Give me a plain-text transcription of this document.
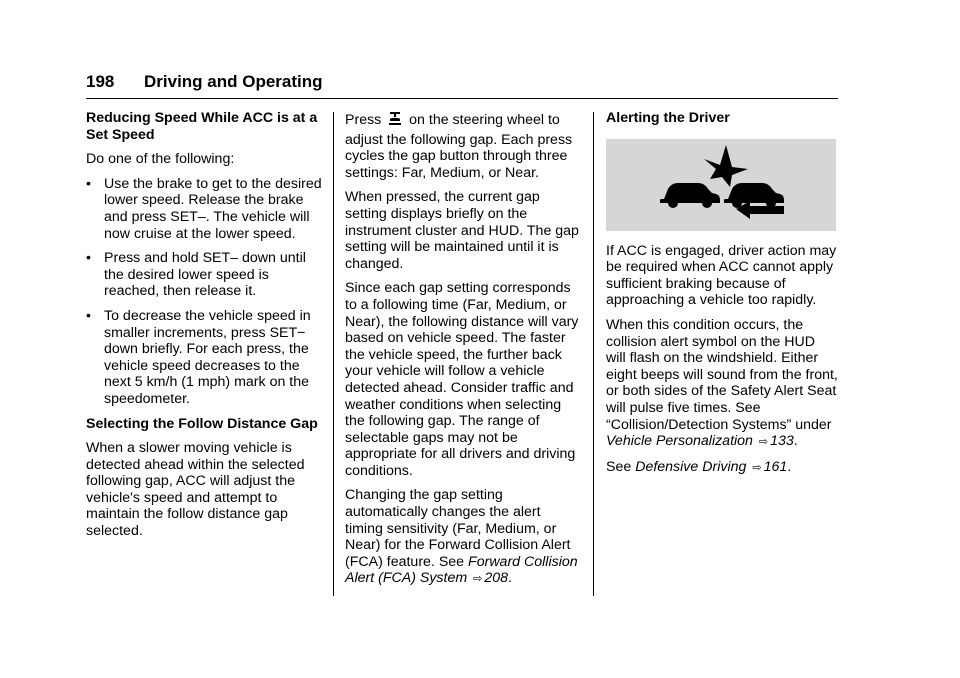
198 Driving and Operating

Reducing Speed While ACC is at a Set Speed

Do one of the following:

• Use the brake to get to the desired lower speed. Release the brake and press SET–. The vehicle will now cruise at the lower speed.
• Press and hold SET– down until the desired lower speed is reached, then release it.
• To decrease the vehicle speed in smaller increments, press SET− down briefly. For each press, the vehicle speed decreases to the next 5 km/h (1 mph) mark on the speedometer.

Selecting the Follow Distance Gap

When a slower moving vehicle is detected ahead within the selected following gap, ACC will adjust the vehicle's speed and attempt to maintain the follow distance gap selected.

Press on the steering wheel to adjust the following gap. Each press cycles the gap button through three settings: Far, Medium, or Near.

When pressed, the current gap setting displays briefly on the instrument cluster and HUD. The gap setting will be maintained until it is changed.

Since each gap setting corresponds to a following time (Far, Medium, or Near), the following distance will vary based on vehicle speed. The faster the vehicle speed, the further back your vehicle will follow a vehicle detected ahead. Consider traffic and weather conditions when selecting the following gap. The range of selectable gaps may not be appropriate for all drivers and driving conditions.

Changing the gap setting automatically changes the alert timing sensitivity (Far, Medium, or Near) for the Forward Collision Alert (FCA) feature. See Forward Collision Alert (FCA) System ⇨ 208.

Alerting the Driver

If ACC is engaged, driver action may be required when ACC cannot apply sufficient braking because of approaching a vehicle too rapidly.

When this condition occurs, the collision alert symbol on the HUD will flash on the windshield. Either eight beeps will sound from the front, or both sides of the Safety Alert Seat will pulse five times. See “Collision/Detection Systems” under Vehicle Personalization ⇨ 133.

See Defensive Driving ⇨ 161.
